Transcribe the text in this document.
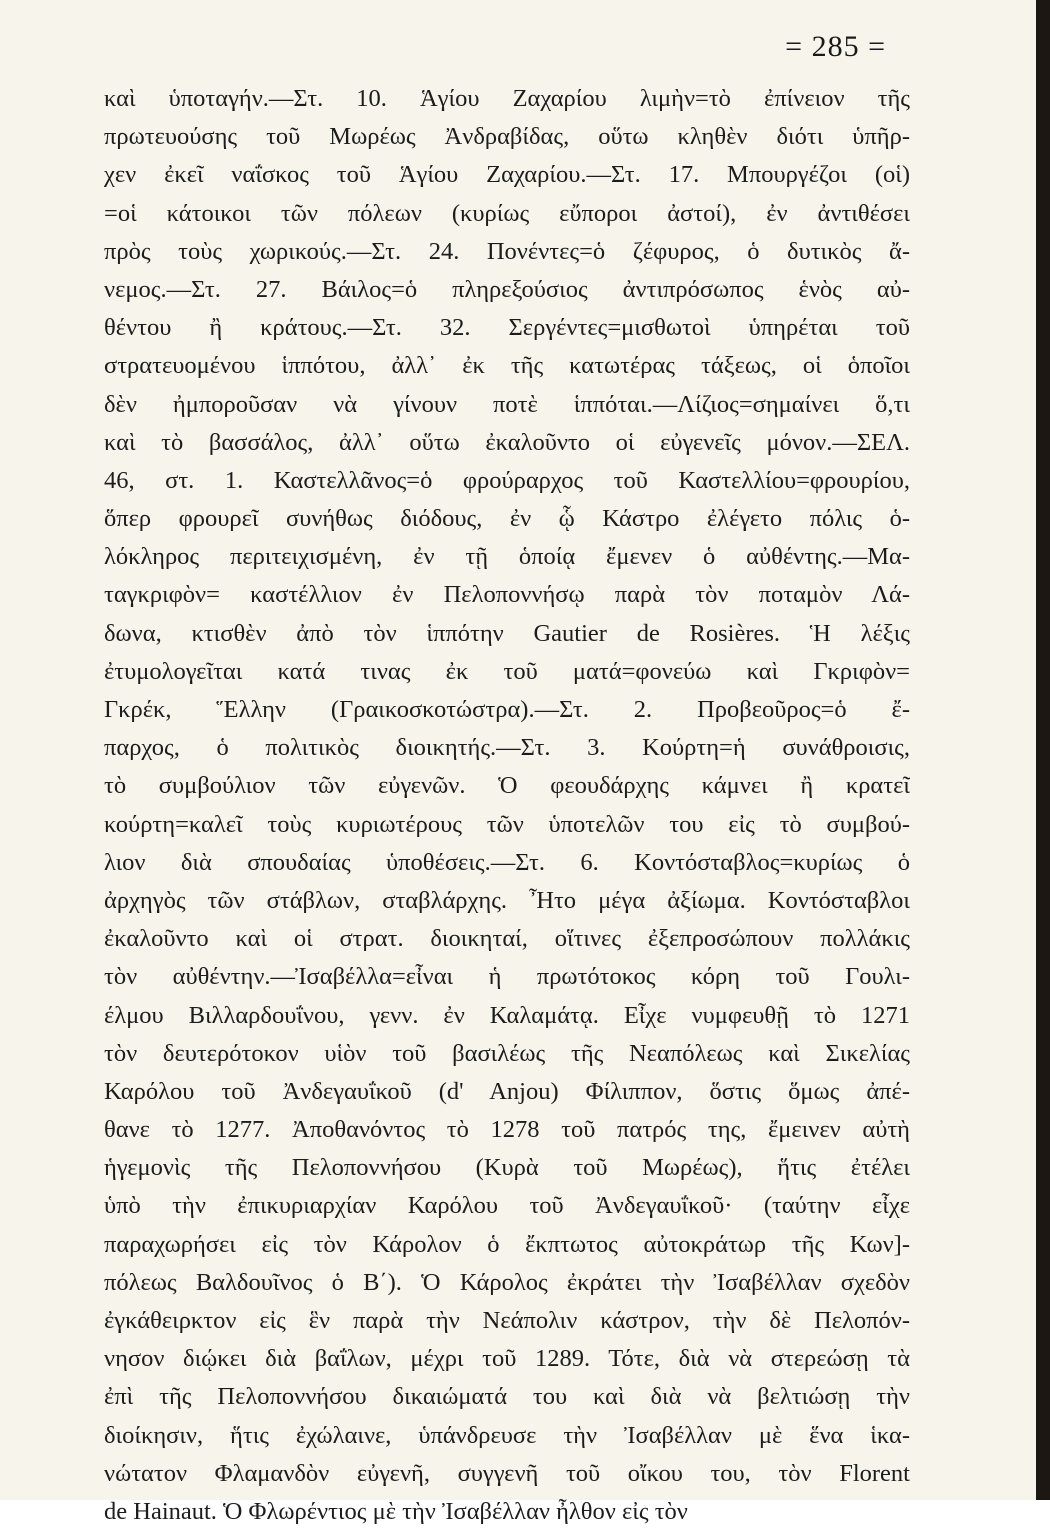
= 285 =
καὶ ὑποταγήν.—Στ. 10. Ἁγίου Ζαχαρίου λιμὴν=τὸ ἐπίνειον τῆς
πρωτευούσης τοῦ Μωρέως Ἀνδραβίδας, οὕτω κληθὲν διότι ὑπῆρ-
χεν ἐκεῖ ναΐσκος τοῦ Ἁγίου Ζαχαρίου.—Στ. 17. Μπουργέζοι (οἱ)
=οἱ κάτοικοι τῶν πόλεων (κυρίως εὔποροι ἀστοί), ἐν ἀντιθέσει
πρὸς τοὺς χωρικούς.—Στ. 24. Πονέντες=ὁ ζέφυρος, ὁ δυτικὸς ἄ-
νεμος.—Στ. 27. Βάιλος=ὁ πληρεξούσιος ἀντιπρόσωπος ἑνὸς αὐ-
θέντου ἢ κράτους.—Στ. 32. Σεργέντες=μισθωτοὶ ὑπηρέται τοῦ
στρατευομένου ἱππότου, ἀλλ᾽ ἐκ τῆς κατωτέρας τάξεως, οἱ ὁποῖοι
δὲν ἠμποροῦσαν νὰ γίνουν ποτὲ ἱππόται.—Λίζιος=σημαίνει ὅ,τι
καὶ τὸ βασσάλος, ἀλλ᾽ οὕτω ἐκαλοῦντο οἱ εὐγενεῖς μόνον.—ΣΕΛ.
46, στ. 1. Καστελλᾶνος=ὁ φρούραρχος τοῦ Καστελλίου=φρουρίου,
ὅπερ φρουρεῖ συνήθως διόδους, ἐν ᾧ Κάστρο ἐλέγετο πόλις ὁ-
λόκληρος περιτειχισμένη, ἐν τῇ ὁποίᾳ ἔμενεν ὁ αὐθέντης.—Μα-
ταγκριφὸν= καστέλλιον ἐν Πελοποννήσῳ παρὰ τὸν ποταμὸν Λά-
δωνα, κτισθὲν ἀπὸ τὸν ἱππότην Gautier de Rosières. Ἡ λέξις
ἐτυμολογεῖται κατά τινας ἐκ τοῦ ματά=φονεύω καὶ Γκριφὸν=
Γκρέκ, Ἕλλην (Γραικοσκοτώστρα).—Στ. 2. Προβεοῦρος=ὁ ἔ-
παρχος, ὁ πολιτικὸς διοικητής.—Στ. 3. Κούρτη=ἡ συνάθροισις,
τὸ συμβούλιον τῶν εὐγενῶν. Ὁ φεουδάρχης κάμνει ἢ κρατεῖ
κούρτη=καλεῖ τοὺς κυριωτέρους τῶν ὑποτελῶν του εἰς τὸ συμβού-
λιον διὰ σπουδαίας ὑποθέσεις.—Στ. 6. Κοντόσταβλος=κυρίως ὁ
ἀρχηγὸς τῶν στάβλων, σταβλάρχης. Ἦτο μέγα ἀξίωμα. Κοντόσταβλοι
ἐκαλοῦντο καὶ οἱ στρατ. διοικηταί, οἵτινες ἐξεπροσώπουν πολλάκις
τὸν αὐθέντην.—Ἰσαβέλλα=εἶναι ἡ πρωτότοκος κόρη τοῦ Γουλι-
έλμου Βιλλαρδουΐνου, γενν. ἐν Καλαμάτᾳ. Εἶχε νυμφευθῇ τὸ 1271
τὸν δευτερότοκον υἱὸν τοῦ βασιλέως τῆς Νεαπόλεως καὶ Σικελίας
Καρόλου τοῦ Ἀνδεγαυΐκοῦ (d' Anjou) Φίλιππον, ὅστις ὅμως ἀπέ-
θανε τὸ 1277. Ἀποθανόντος τὸ 1278 τοῦ πατρός της, ἔμεινεν αὐτὴ
ἡγεμονὶς τῆς Πελοποννήσου (Κυρὰ τοῦ Μωρέως), ἥτις ἐτέλει
ὑπὸ τὴν ἐπικυριαρχίαν Καρόλου τοῦ Ἀνδεγαυΐκοῦ· (ταύτην εἶχε
παραχωρήσει εἰς τὸν Κάρολον ὁ ἔκπτωτος αὐτοκράτωρ τῆς Κων]-
πόλεως Βαλδουῖνος ὁ Β΄). Ὁ Κάρολος ἐκράτει τὴν Ἰσαβέλλαν σχεδὸν
ἐγκάθειρκτον εἰς ἓν παρὰ τὴν Νεάπολιν κάστρον, τὴν δὲ Πελοπόν-
νησον διῴκει διὰ βαΐλων, μέχρι τοῦ 1289. Τότε, διὰ νὰ στερεώσῃ τὰ
ἐπὶ τῆς Πελοποννήσου δικαιώματά του καὶ διὰ νὰ βελτιώσῃ τὴν
διοίκησιν, ἥτις ἐχώλαινε, ὑπάνδρευσε τὴν Ἰσαβέλλαν μὲ ἕνα ἱκα-
νώτατον Φλαμανδὸν εὐγενῆ, συγγενῆ τοῦ οἴκου του, τὸν Florent
de Hainaut. Ὁ Φλωρέντιος μὲ τὴν Ἰσαβέλλαν ἦλθον εἰς τὸν
